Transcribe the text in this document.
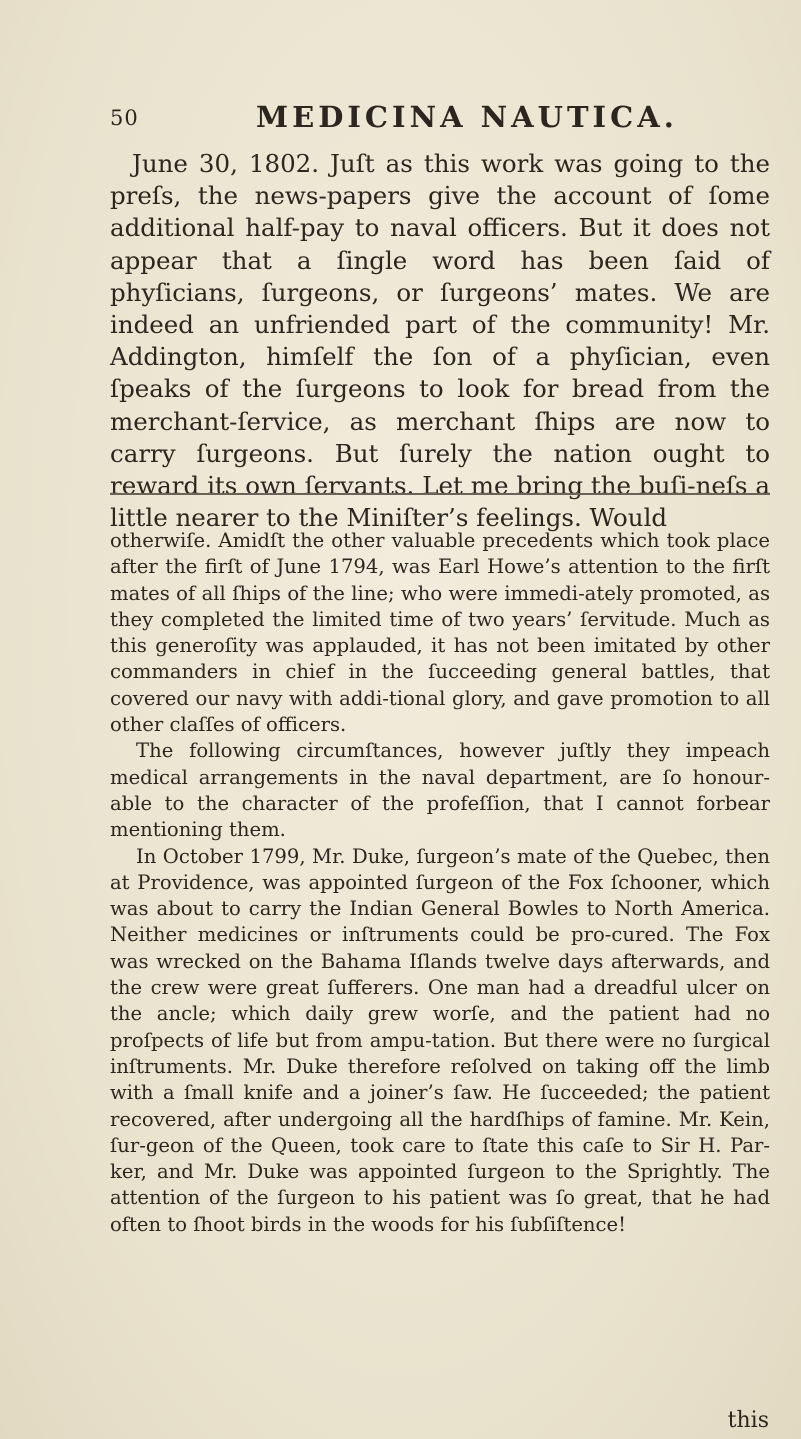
50	MEDICINA NAUTICA.

June 30, 1802. Juſt as this work was going to the preſs, the news-papers give the account of ſome additional half-pay to naval officers. But it does not appear that a ſingle word has been ſaid of phyſicians, ſurgeons, or ſurgeons’ mates. We are indeed an unfriended part of the community! Mr. Addington, himſelf the ſon of a phyſician, even ſpeaks of the ſurgeons to look for bread from the merchant-ſervice, as merchant ſhips are now to carry ſurgeons. But ſurely the nation ought to reward its own ſervants. Let me bring the buſi-neſs a little nearer to the Miniſter’s feelings. Would

otherwiſe. Amidſt the other valuable precedents which took place after the firſt of June 1794, was Earl Howe’s attention to the firſt mates of all ſhips of the line; who were immedi-ately promoted, as they completed the limited time of two years’ ſervitude. Much as this generoſity was applauded, it has not been imitated by other commanders in chief in the ſucceeding general battles, that covered our navy with addi-tional glory, and gave promotion to all other claſſes of officers.

The following circumſtances, however juſtly they impeach medical arrangements in the naval department, are ſo honour-able to the character of the profeſſion, that I cannot forbear mentioning them.

In October 1799, Mr. Duke, ſurgeon’s mate of the Quebec, then at Providence, was appointed ſurgeon of the Fox ſchooner, which was about to carry the Indian General Bowles to North America. Neither medicines or inſtruments could be pro-cured. The Fox was wrecked on the Bahama Iſlands twelve days afterwards, and the crew were great ſufferers. One man had a dreadful ulcer on the ancle; which daily grew worſe, and the patient had no proſpects of life but from ampu-tation. But there were no ſurgical inſtruments. Mr. Duke therefore reſolved on taking off the limb with a ſmall knife and a joiner’s ſaw. He ſucceeded; the patient recovered, after undergoing all the hardſhips of famine. Mr. Kein, ſur-geon of the Queen, took care to ſtate this caſe to Sir H. Par-ker, and Mr. Duke was appointed ſurgeon to the Sprightly. The attention of the ſurgeon to his patient was ſo great, that he had often to ſhoot birds in the woods for his ſubſiſtence!

this
